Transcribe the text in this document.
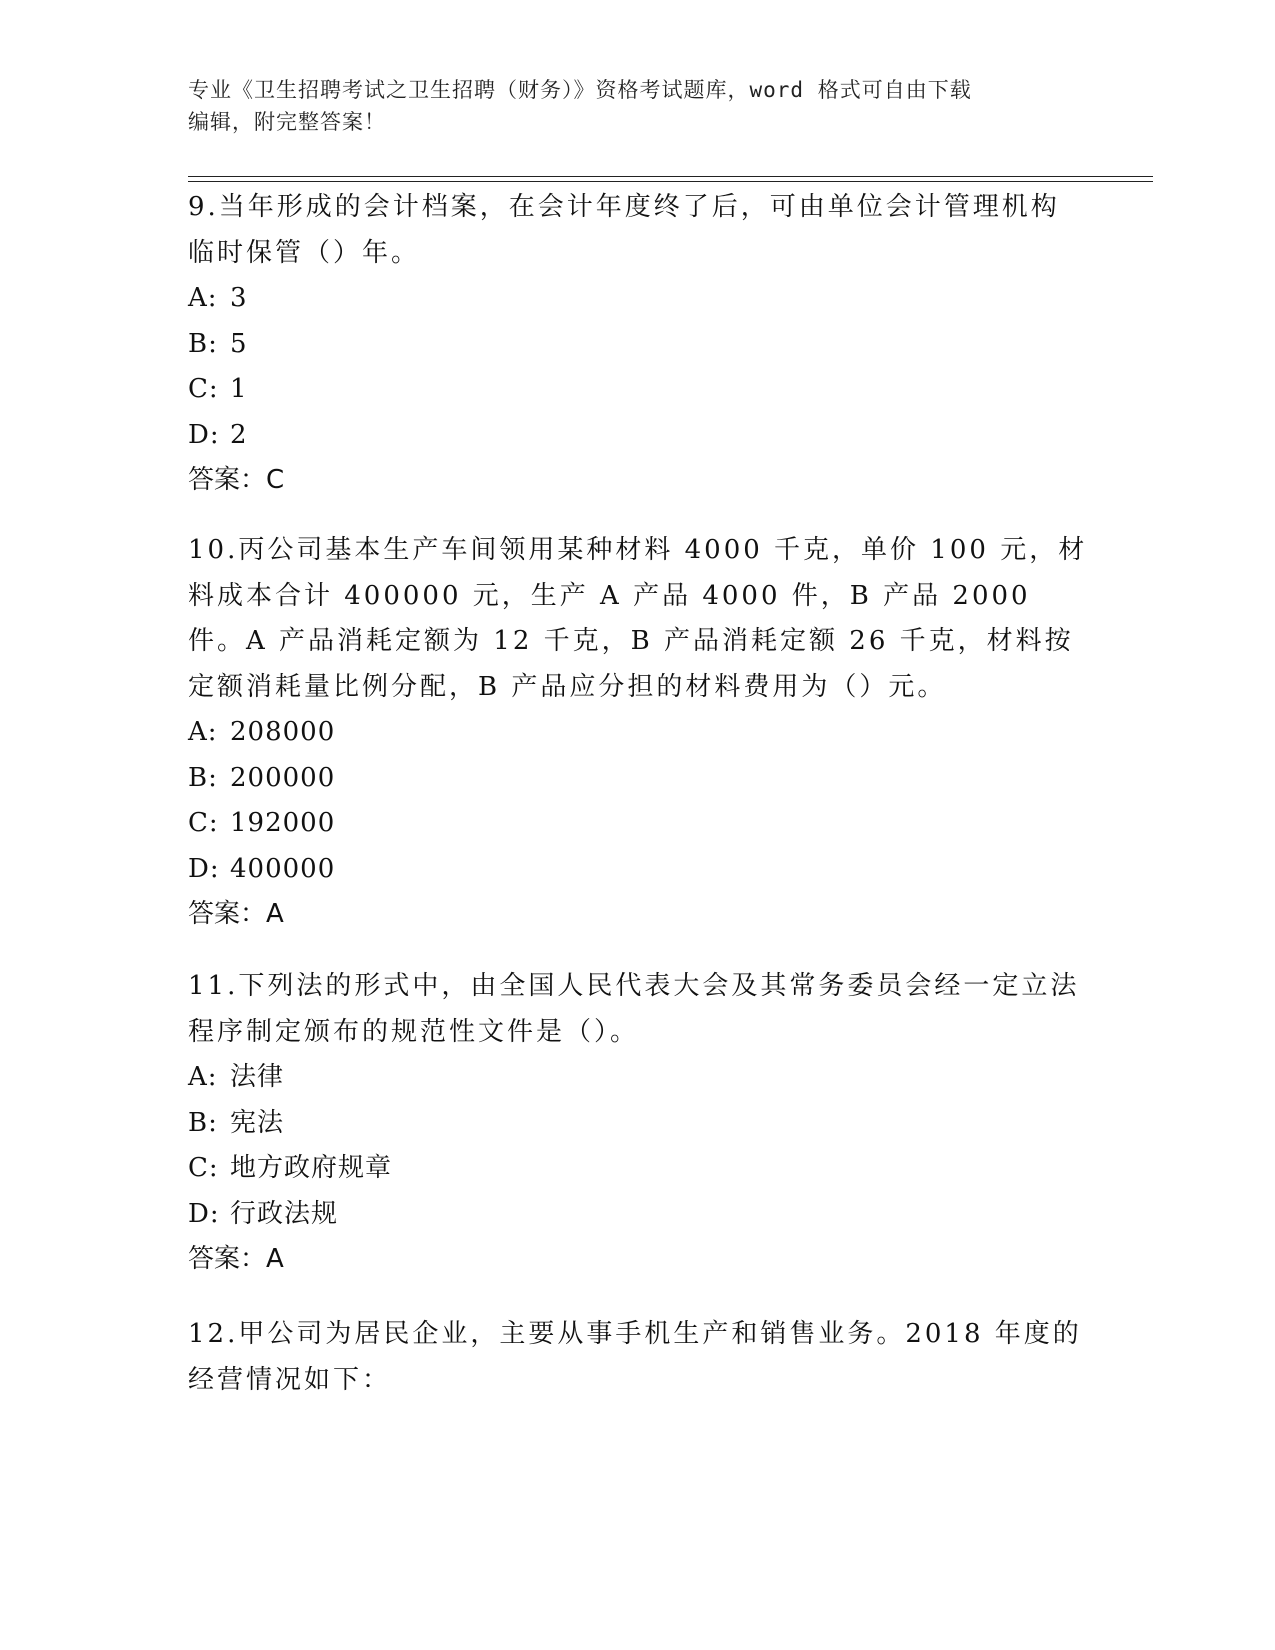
专业《卫生招聘考试之卫生招聘（财务）》资格考试题库，word 格式可自由下载
编辑，附完整答案！

9.当年形成的会计档案，在会计年度终了后，可由单位会计管理机构临时保管（）年。

A: 3

B: 5

C: 1

D: 2

答案：C

10.丙公司基本生产车间领用某种材料 4000 千克，单价 100 元，材料成本合计 400000 元，生产 A 产品 4000 件，B 产品 2000 件。A 产品消耗定额为 12 千克，B 产品消耗定额 26 千克，材料按定额消耗量比例分配，B 产品应分担的材料费用为（）元。

A: 208000

B: 200000

C: 192000

D: 400000

答案：A

11.下列法的形式中，由全国人民代表大会及其常务委员会经一定立法程序制定颁布的规范性文件是（）。

A: 法律

B: 宪法

C: 地方政府规章

D: 行政法规

答案：A

12.甲公司为居民企业，主要从事手机生产和销售业务。2018 年度的经营情况如下：
